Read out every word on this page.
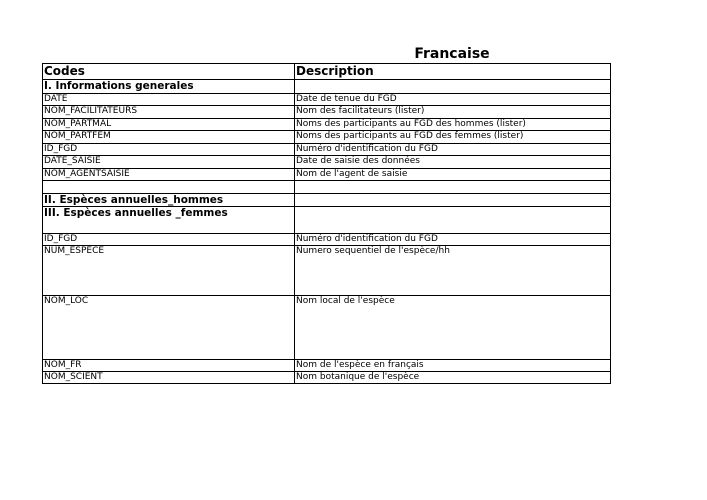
Francaise
Codes	Description
I. Informations generales	
DATE	Date de tenue du FGD
NOM_FACILITATEURS	Nom des facilitateurs (lister)
NOM_PARTMAL	Noms des participants au FGD des hommes (lister)
NOM_PARTFEM	Noms des participants au FGD des femmes (lister)
ID_FGD	Numéro d'identification du FGD
DATE_SAISIE	Date de saisie des données
NOM_AGENTSAISIE	Nom de l'agent de saisie

II. Espèces annuelles_hommes	
III. Espèces annuelles _femmes	
ID_FGD	Numéro d'identification du FGD
NUM_ESPECE	Numero sequentiel de l'espèce/hh
NOM_LOC	Nom local de l'espèce
NOM_FR	Nom de l'espèce en français
NOM_SCIENT	Nom botanique de l'espèce
